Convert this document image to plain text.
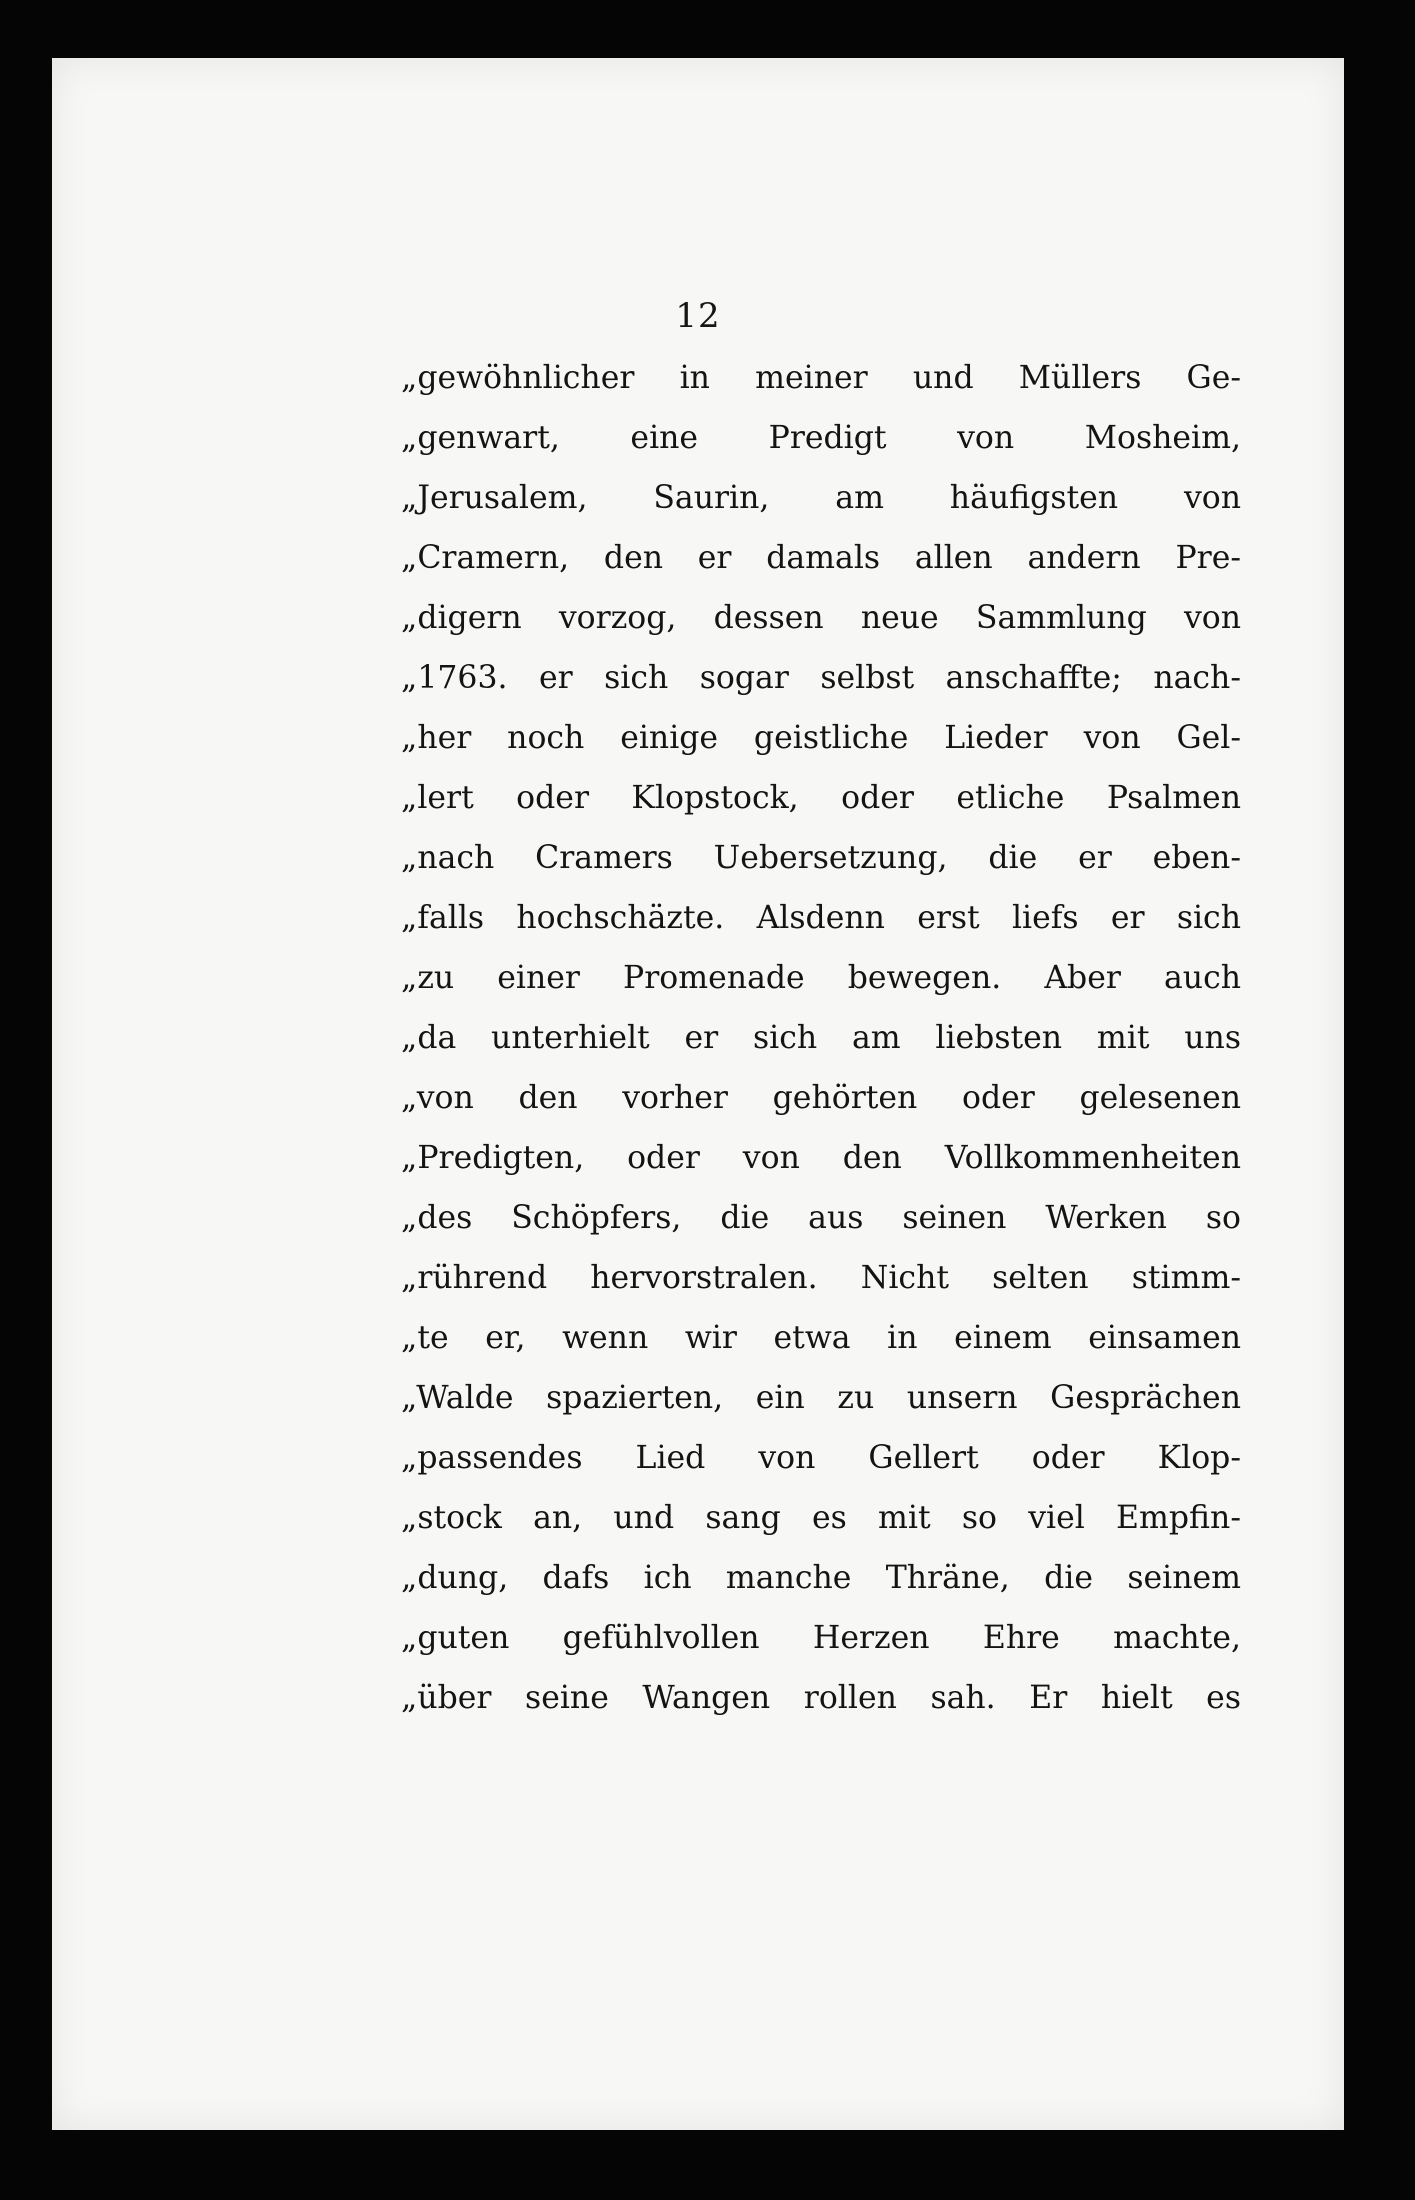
12
„gewöhnlicher in meiner und Müllers Ge-
„genwart, eine Predigt von Mosheim,
„Jerusalem, Saurin, am häufigsten von
„Cramern, den er damals allen andern Pre-
„digern vorzog, dessen neue Sammlung von
„1763. er sich sogar selbst anschaffte; nach-
„her noch einige geistliche Lieder von Gel-
„lert oder Klopstock, oder etliche Psalmen
„nach Cramers Uebersetzung, die er eben-
„falls hochschäzte. Alsdenn erst liefs er sich
„zu einer Promenade bewegen. Aber auch
„da unterhielt er sich am liebsten mit uns
„von den vorher gehörten oder gelesenen
„Predigten, oder von den Vollkommenheiten
„des Schöpfers, die aus seinen Werken so
„rührend hervorstralen. Nicht selten stimm-
„te er, wenn wir etwa in einem einsamen
„Walde spazierten, ein zu unsern Gesprächen
„passendes Lied von Gellert oder Klop-
„stock an, und sang es mit so viel Empfin-
„dung, dafs ich manche Thräne, die seinem
„guten gefühlvollen Herzen Ehre machte,
„über seine Wangen rollen sah. Er hielt es
